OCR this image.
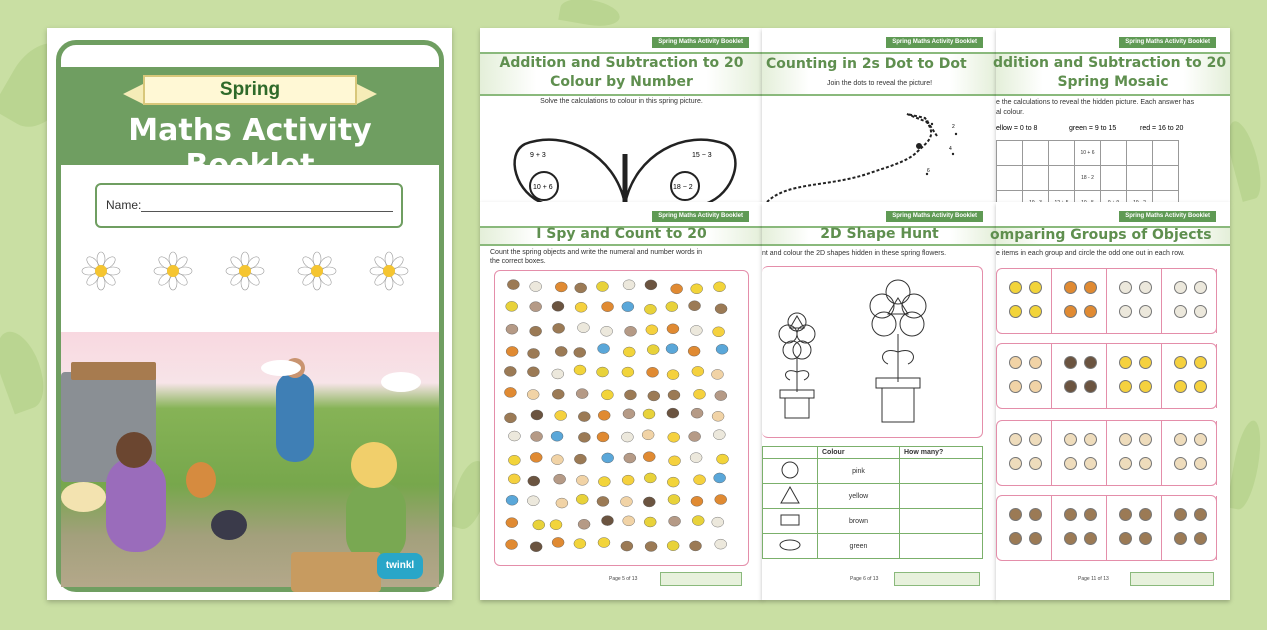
Spring
Maths Activity Booklet
Name:
twinkl
Spring Maths Activity Booklet
Addition and Subtraction to 20
Colour by Number
Solve the calculations to colour in this spring picture.
9 + 3
10 + 6	18 − 2
15 − 3
Spring Maths Activity Booklet
Counting in 2s Dot to Dot
Join the dots to reveal the picture!
0
2
4
6
Spring Maths Activity Booklet
ddition and Subtraction to 20
Spring Mosaic
e the calculations to reveal the hidden picture. Each answer has
al colour.
ellow = 0 to 8	green = 9 to 15	red = 16 to 20
			10 + 6			
			18 - 2			

Spring Maths Activity Booklet
I Spy and Count to 20
Count the spring objects and write the numeral and number words in
the correct boxes.
Page 5 of 13
Spring Maths Activity Booklet
2D Shape Hunt
nt and colour the 2D shapes hidden in these spring flowers.
	Colour	How many?
	pink	
	yellow	
	brown	
	green	
Page 6 of 13
Spring Maths Activity Booklet
omparing Groups of Objects
e items in each group and circle the odd one out in each row.
Page 11 of 13
